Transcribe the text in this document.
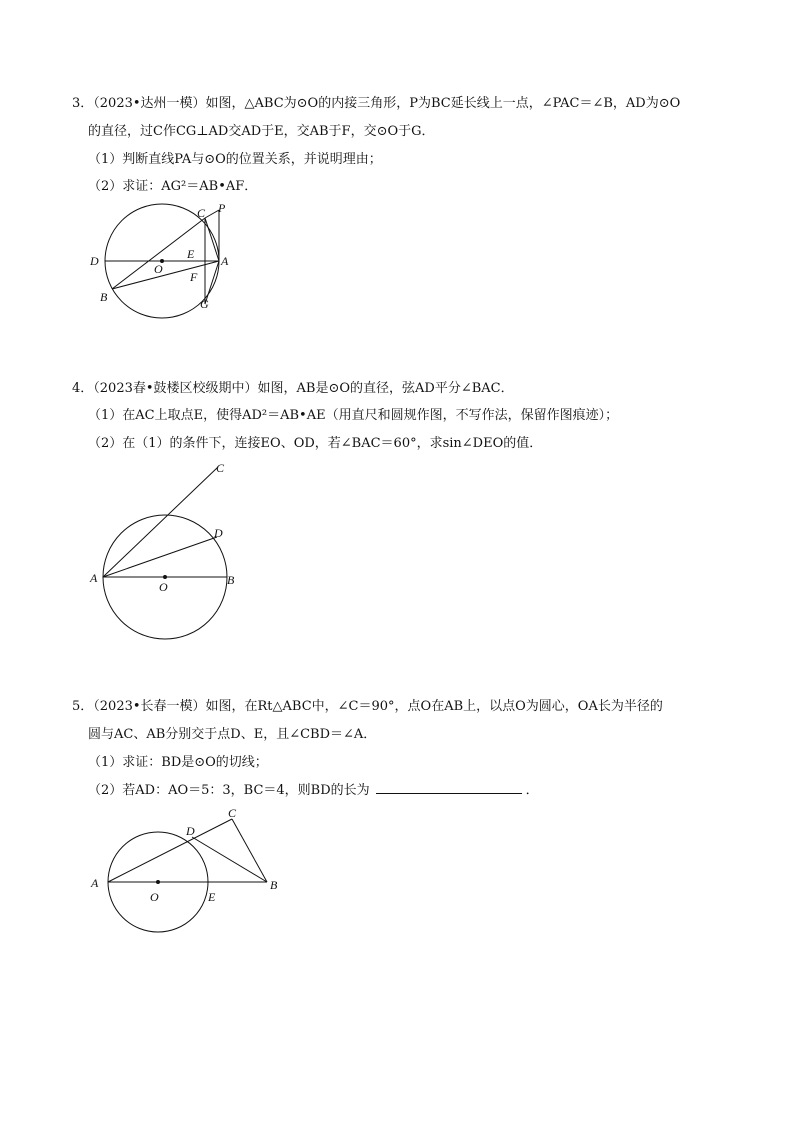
3．（2023•达州一模）如图，△ABC为⊙O的内接三角形，P为BC延长线上一点，∠PAC＝∠B，AD为⊙O
的直径，过C作CG⊥AD交AD于E，交AB于F，交⊙O于G．
（1）判断直线PA与⊙O的位置关系，并说明理由；
（2）求证：AG²＝AB•AF．
C P
D
O
E A
F
B	G
4．（2023春•鼓楼区校级期中）如图，AB是⊙O的直径，弦AD平分∠BAC．
（1）在AC上取点E，使得AD²＝AB•AE（用直尺和圆规作图，不写作法，保留作图痕迹）；
（2）在（1）的条件下，连接EO、OD，若∠BAC＝60°，求sin∠DEO的值．
C
D
A
O	B
5．（2023•长春一模）如图，在Rt△ABC中，∠C＝90°，点O在AB上，以点O为圆心，OA长为半径的
圆与AC、AB分别交于点D、E，且∠CBD＝∠A．
（1）求证：BD是⊙O的切线；
（2）若AD：AO＝5：3，BC＝4，则BD的长为	．
C
D
A
O	E
B
